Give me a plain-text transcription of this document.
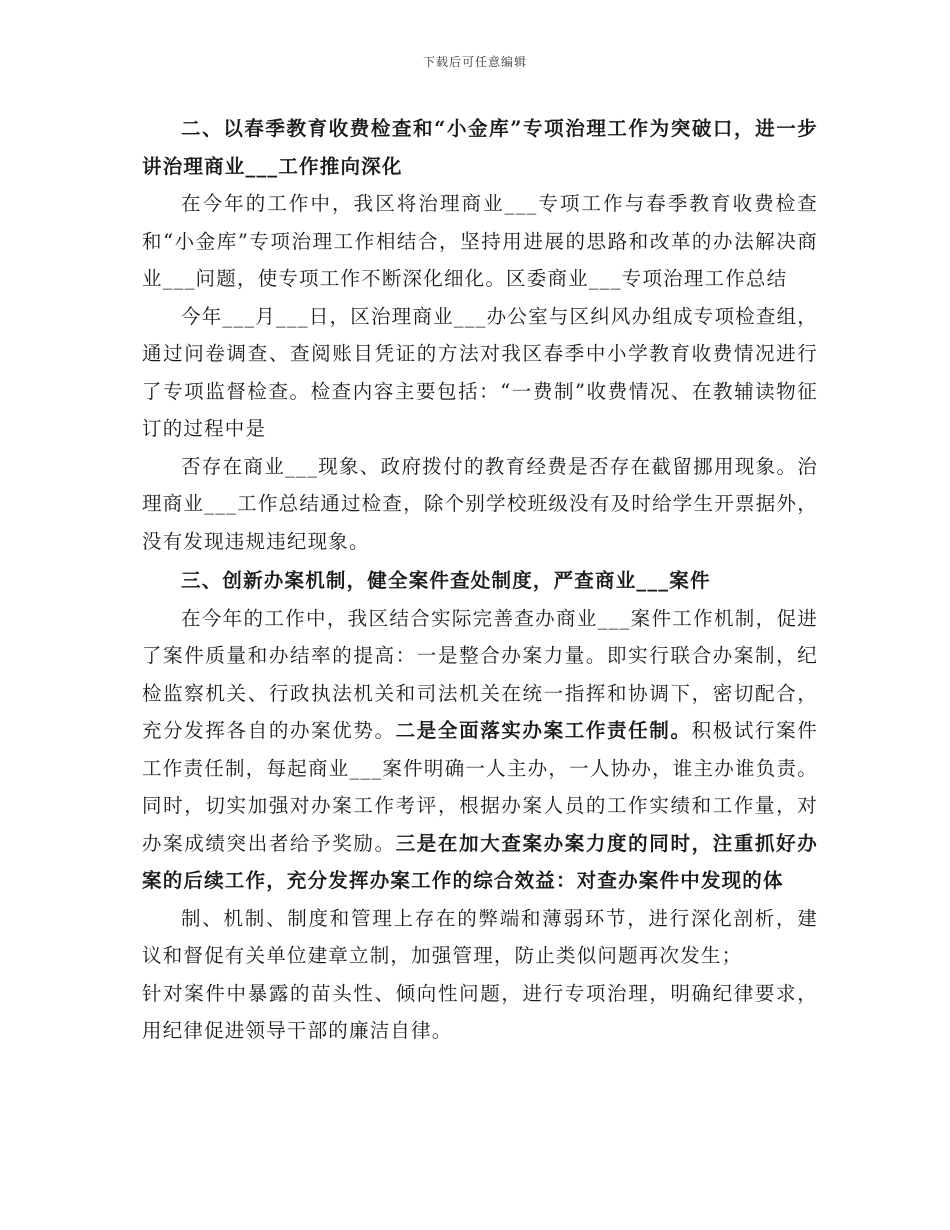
下载后可任意编辑

二、以春季教育收费检查和“小金库”专项治理工作为突破口，进一步讲治理商业___工作推向深化

在今年的工作中，我区将治理商业___专项工作与春季教育收费检查和“小金库”专项治理工作相结合，坚持用进展的思路和改革的办法解决商业___问题，使专项工作不断深化细化。区委商业___专项治理工作总结

今年___月___日，区治理商业___办公室与区纠风办组成专项检查组，通过问卷调查、查阅账目凭证的方法对我区春季中小学教育收费情况进行了专项监督检查。检查内容主要包括：“一费制”收费情况、在教辅读物征订的过程中是

否存在商业___现象、政府拨付的教育经费是否存在截留挪用现象。治理商业___工作总结通过检查，除个别学校班级没有及时给学生开票据外，没有发现违规违纪现象。

三、创新办案机制，健全案件查处制度，严查商业___案件

在今年的工作中，我区结合实际完善查办商业___案件工作机制，促进了案件质量和办结率的提高：一是整合办案力量。即实行联合办案制，纪检监察机关、行政执法机关和司法机关在统一指挥和协调下，密切配合，充分发挥各自的办案优势。二是全面落实办案工作责任制。积极试行案件工作责任制，每起商业___案件明确一人主办，一人协办，谁主办谁负责。同时，切实加强对办案工作考评，根据办案人员的工作实绩和工作量，对办案成绩突出者给予奖励。三是在加大查案办案力度的同时，注重抓好办案的后续工作，充分发挥办案工作的综合效益：对查办案件中发现的体

制、机制、制度和管理上存在的弊端和薄弱环节，进行深化剖析，建议和督促有关单位建章立制，加强管理，防止类似问题再次发生；

针对案件中暴露的苗头性、倾向性问题，进行专项治理，明确纪律要求，用纪律促进领导干部的廉洁自律。
